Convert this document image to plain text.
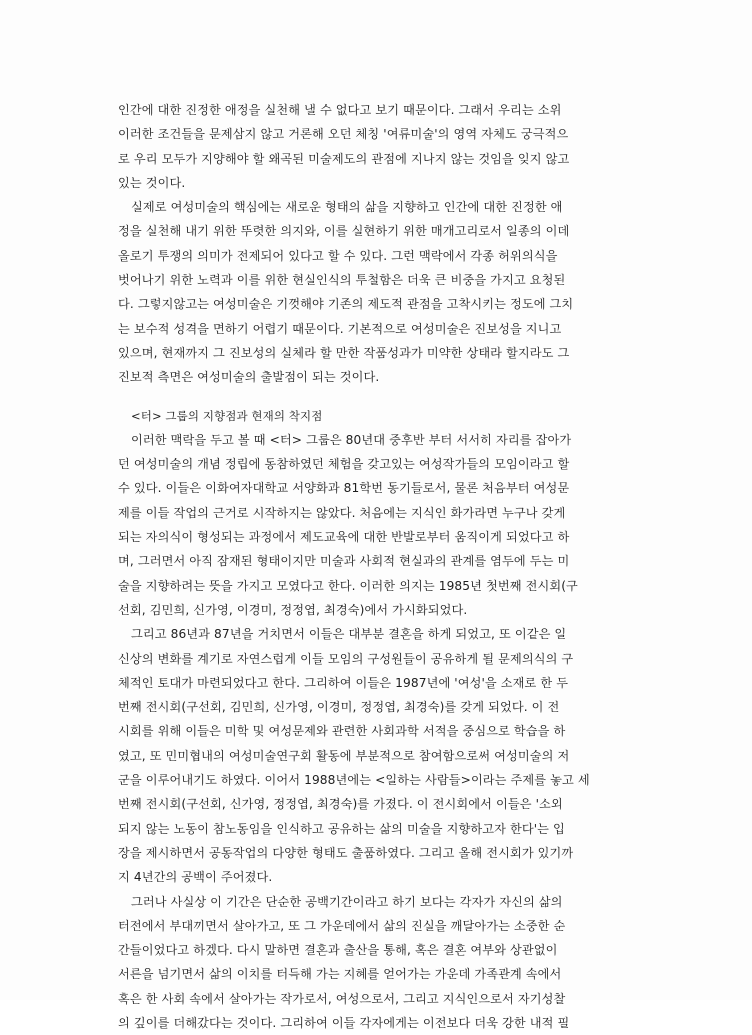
인간에 대한 진정한 애정을 실천해 낼 수 없다고 보기 때문이다. 그래서 우리는 소위
이러한 조건들을 문제삼지 않고 거론해 오던 체칭 '여류미술'의 영역 자체도 궁극적으
로 우리 모두가 지양해야 할 왜곡된 미술제도의 관점에 지나지 않는 것임을 잊지 않고
있는 것이다.
실제로 여성미술의 핵심에는 새로운 형태의 삶을 지향하고 인간에 대한 진정한 애
정을 실천해 내기 위한 뚜렷한 의지와, 이를 실현하기 위한 매개고리로서 일종의 이데
올로기 투쟁의 의미가 전제되어 있다고 할 수 있다. 그런 맥락에서 각종 허위의식을
벗어나기 위한 노력과 이를 위한 현실인식의 투철함은 더욱 큰 비중을 가지고 요청된
다. 그렇지않고는 여성미술은 기껏해야 기존의 제도적 관점을 고착시키는 정도에 그치
는 보수적 성격을 면하기 어렵기 때문이다. 기본적으로 여성미술은 진보성을 지니고
있으며, 현재까지 그 진보성의 실체라 할 만한 작품성과가 미약한 상태라 할지라도 그
진보적 측면은 여성미술의 출발점이 되는 것이다.
<터> 그룹의 지향점과 현재의 착지점
이러한 맥락을 두고 볼 때 <터> 그룹은 80년대 중후반 부터 서서히 자리를 잡아가
던 여성미술의 개념 정립에 동참하였던 체험을 갖고있는 여성작가들의 모임이라고 할
수 있다. 이들은 이화여자대학교 서양화과 81학번 동기들로서, 물론 처음부터 여성문
제를 이들 작업의 근거로 시작하지는 않았다. 처음에는 지식인 화가라면 누구나 갖게
되는 자의식이 형성되는 과정에서 제도교육에 대한 반발로부터 움직이게 되었다고 하
며, 그러면서 아직 잠재된 형태이지만 미술과 사회적 현실과의 관계를 염두에 두는 미
술을 지향하려는 뜻을 가지고 모였다고 한다. 이러한 의지는 1985년 첫번째 전시회(구
선회, 김민희, 신가영, 이경미, 정정엽, 최경숙)에서 가시화되었다.
그리고 86년과 87년을 거치면서 이들은 대부분 결혼을 하게 되었고, 또 이같은 일
신상의 변화를 계기로 자연스럽게 이들 모임의 구성원들이 공유하게 될 문제의식의 구
체적인 토대가 마련되었다고 한다. 그리하여 이들은 1987년에 '여성'을 소재로 한 두
번째 전시회(구선회, 김민희, 신가영, 이경미, 정정엽, 최경숙)를 갖게 되었다. 이 전
시회를 위해 이들은 미학 및 여성문제와 관련한 사회과학 서적을 중심으로 학습을 하
였고, 또 민미협내의 여성미술연구회 활동에 부분적으로 참여함으로써 여성미술의 저
군을 이루어내기도 하였다. 이어서 1988년에는 <일하는 사람들>이라는 주제를 놓고 세
번째 전시회(구선회, 신가영, 정정엽, 최경숙)를 가졌다. 이 전시회에서 이들은 '소외
되지 않는 노동이 참노동임을 인식하고 공유하는 삶의 미술을 지향하고자 한다'는 입
장을 제시하면서 공동작업의 다양한 형태도 출품하였다. 그리고 올해 전시회가 있기까
지 4년간의 공백이 주어졌다.
그러나 사실상 이 기간은 단순한 공백기간이라고 하기 보다는 각자가 자신의 삶의
터전에서 부대끼면서 살아가고, 또 그 가운데에서 삶의 진실을 깨달아가는 소중한 순
간들이었다고 하겠다. 다시 말하면 결혼과 출산을 통해, 혹은 결혼 여부와 상관없이
서른을 넘기면서 삶의 이치를 터득해 가는 지혜를 얻어가는 가운데 가족관계 속에서
혹은 한 사회 속에서 살아가는 작가로서, 여성으로서, 그리고 지식인으로서 자기성찰
의 깊이를 더해갔다는 것이다. 그리하여 이들 각자에게는 이전보다 더욱 강한 내적 필
